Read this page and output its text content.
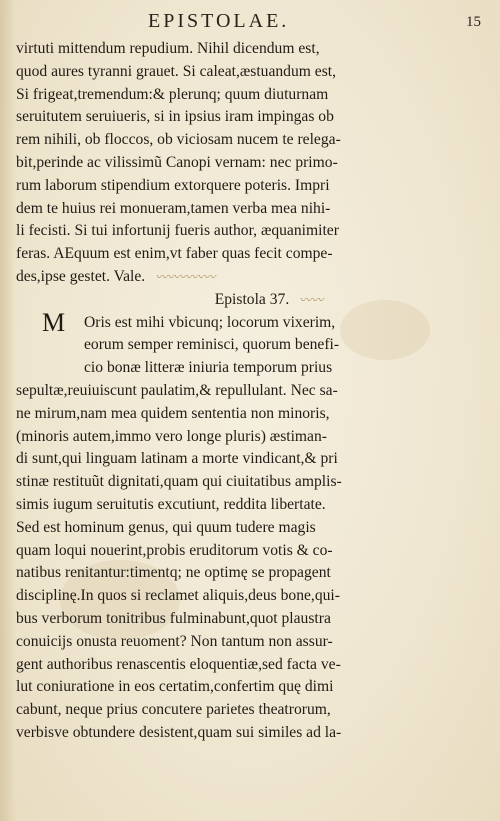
EPISTOLAE.	15
virtuti mittendum repudium. Nihil dicendum est,
quod aures tyranni grauet. Si caleat,æstuandum est,
Si frigeat,tremendum:& plerunq; quum diuturnam
seruitutem seruiueris, si in ipsius iram impingas ob
rem nihili, ob floccos, ob viciosam nucem te relega-
bit,perinde ac vilissimũ Canopi vernam: nec primo-
rum laborum stipendium extorquere poteris. Impri
dem te huius rei monueram,tamen verba mea nihi-
li fecisti. Si tui infortunij fueris author, æquanimiter
feras. AEquum est enim,vt faber quas fecit compe-
des,ipse gestet. Vale. 〰〰〰〰〰
Epistola 37. 〰〰
M Oris est mihi vbicunq; locorum vixerim,
eorum semper reminisci, quorum benefi-
cio bonæ litteræ iniuria temporum prius
sepultæ,reuiuiscunt paulatim,& repullulant. Nec sa-
ne mirum,nam mea quidem sententia non minoris,
(minoris autem,immo vero longe pluris) æstiman-
di sunt,qui linguam latinam a morte vindicant,& pri
stinæ restituũt dignitati,quam qui ciuitatibus amplis-
simis iugum seruitutis excutiunt, reddita libertate.
Sed est hominum genus, qui quum tudere magis
quam loqui nouerint,probis eruditorum votis & co-
natibus renitantur:timentq; ne optimę se propagent
disciplinę.In quos si reclamet aliquis,deus bone,qui-
bus verborum tonitribus fulminabunt,quot plaustra
conuicijs onusta reuoment? Non tantum non assur-
gent authoribus renascentis eloquentiæ,sed facta ve-
lut coniuratione in eos certatim,confertim quę dimi
cabunt, neque prius concutere parietes theatrorum,
verbisve obtundere desistent,quam sui similes ad la-
